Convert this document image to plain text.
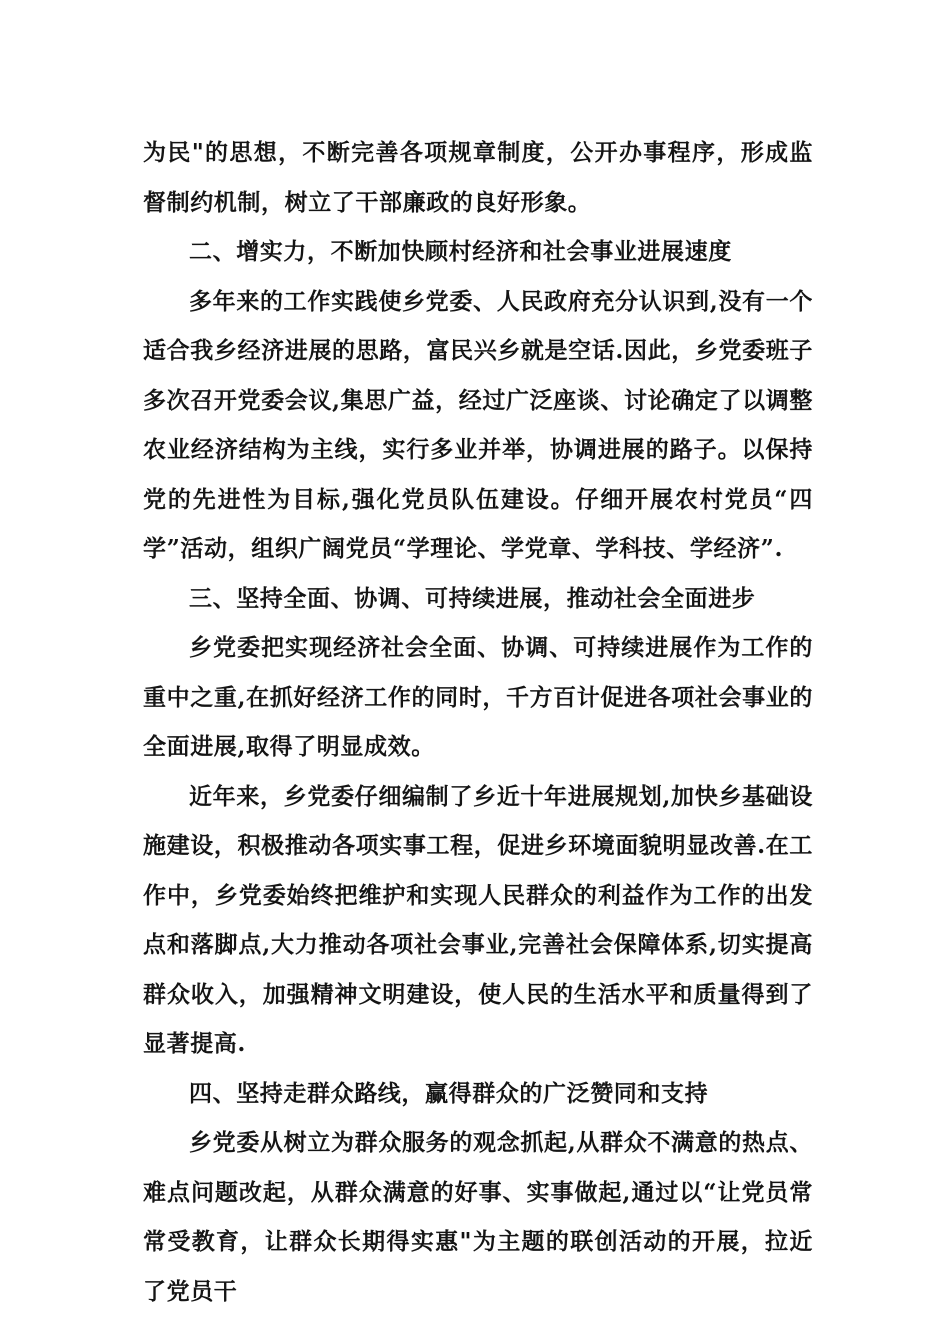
为民"的思想，不断完善各项规章制度，公开办事程序，形成监督制约机制，树立了干部廉政的良好形象。

二、增实力，不断加快顾村经济和社会事业进展速度

多年来的工作实践使乡党委、人民政府充分认识到,没有一个适合我乡经济进展的思路，富民兴乡就是空话.因此，乡党委班子多次召开党委会议,集思广益，经过广泛座谈、讨论确定了以调整农业经济结构为主线，实行多业并举，协调进展的路子。以保持党的先进性为目标,强化党员队伍建设。仔细开展农村党员“四学”活动，组织广阔党员“学理论、学党章、学科技、学经济”.

三、坚持全面、协调、可持续进展，推动社会全面进步

乡党委把实现经济社会全面、协调、可持续进展作为工作的重中之重,在抓好经济工作的同时，千方百计促进各项社会事业的全面进展,取得了明显成效。

近年来，乡党委仔细编制了乡近十年进展规划,加快乡基础设施建设，积极推动各项实事工程，促进乡环境面貌明显改善.在工作中，乡党委始终把维护和实现人民群众的利益作为工作的出发点和落脚点,大力推动各项社会事业,完善社会保障体系,切实提高群众收入，加强精神文明建设，使人民的生活水平和质量得到了显著提高.

四、坚持走群众路线，赢得群众的广泛赞同和支持

乡党委从树立为群众服务的观念抓起,从群众不满意的热点、难点问题改起，从群众满意的好事、实事做起,通过以“让党员常常受教育，让群众长期得实惠"为主题的联创活动的开展，拉近了党员干
